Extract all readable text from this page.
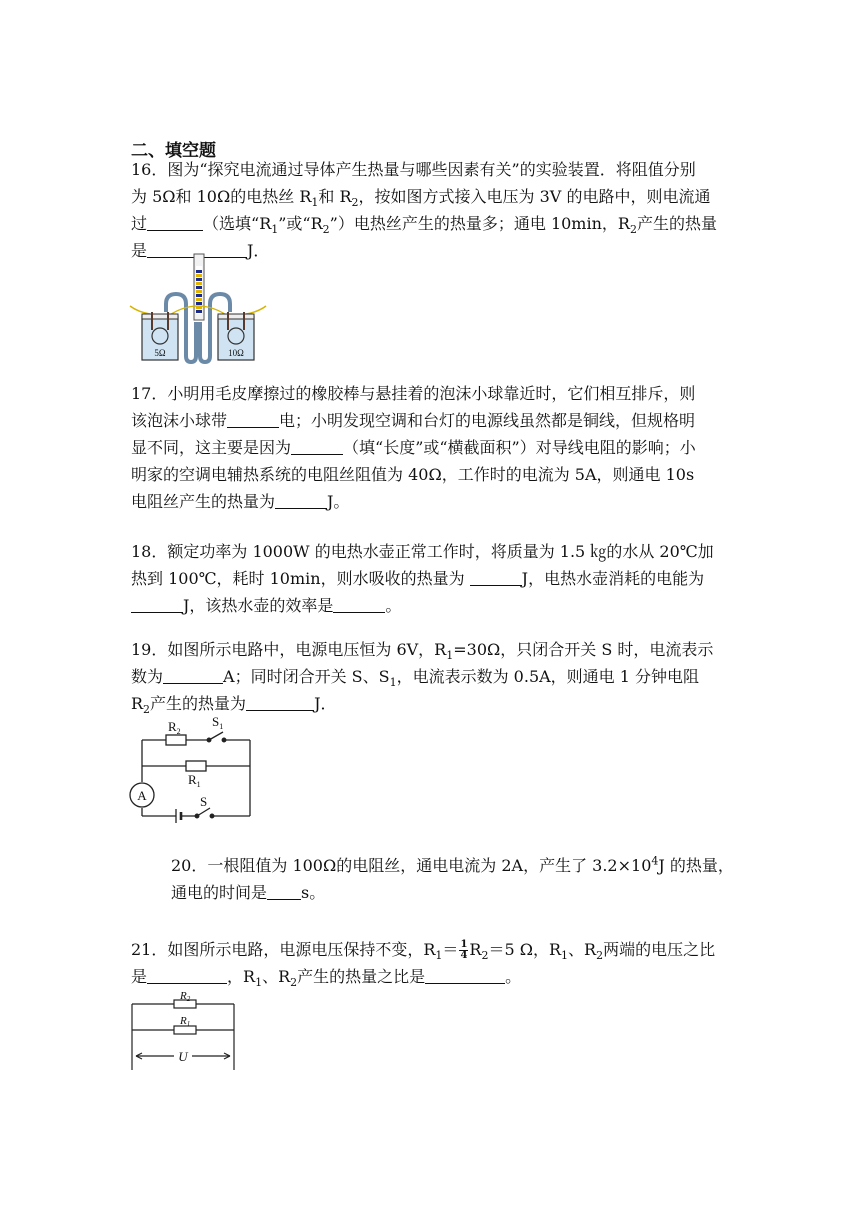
二、填空题
16．图为“探究电流通过导体产生热量与哪些因素有关”的实验装置．将阻值分别
为 5Ω和 10Ω的电热丝 $R_1$和 $R_2$，按如图方式接入电压为 3V 的电路中，则电流通
过	（选填“$R_1$”或“$R_2$”）电热丝产生的热量多；通电 10min，$R_2$产生的热量
是	J．
5Ω	10Ω
17．小明用毛皮摩擦过的橡胶棒与悬挂着的泡沫小球靠近时，它们相互排斥，则
该泡沫小球带	电；小明发现空调和台灯的电源线虽然都是铜线，但规格明
显不同，这主要是因为	（填“长度”或“横截面积”）对导线电阻的影响；小
明家的空调电辅热系统的电阻丝阻值为 40Ω，工作时的电流为 5A，则通电 10s
电阻丝产生的热量为	J。
18．额定功率为 1000W 的电热水壶正常工作时，将质量为 1.5 ㎏的水从 20℃加
热到 100℃，耗时 10min，则水吸收的热量为	J，电热水壶消耗的电能为
J，该热水壶的效率是	。
19．如图所示电路中，电源电压恒为 6V，$R_1=30\Omega$，只闭合开关 S 时，电流表示
数为	A；同时闭合开关 S、$S_1$，电流表示数为 0.5A，则通电 1 分钟电阻
$R_2$产生的热量为	J．
$R_2$
$S_1$
$R_1$
A	S
20．一根阻值为 100Ω的电阻丝，通电电流为 2A，产生了 $3.2\times 10^4J$ 的热量，
通电的时间是 s。
21．如图所示电路，电源电压保持不变，$R_1= \frac{1}{4} R_2=5$ Ω，$R_1$、$R_2$两端的电压之比
是	，$R_1$、$R_2$产生的热量之比是	。
R2
R1
U
